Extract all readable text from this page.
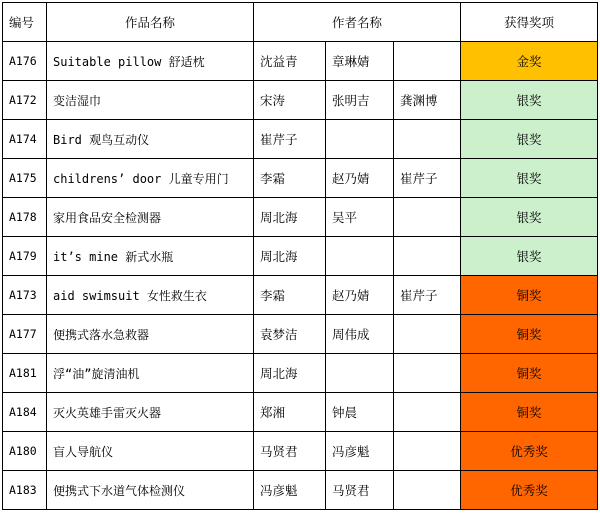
编号	作品名称	作者名称			获得奖项
A176	Suitable pillow 舒适枕	沈益青	章琳婧		金奖
A172	变洁湿巾	宋涛	张明吉	龚渊博	银奖
A174	Bird 观鸟互动仪	崔芹子			银奖
A175	childrens’ door 儿童专用门	李霜	赵乃婧	崔芹子	银奖
A178	家用食品安全检测器	周北海	吴平		银奖
A179	it’s mine 新式水瓶	周北海			银奖
A173	aid swimsuit 女性救生衣	李霜	赵乃婧	崔芹子	铜奖
A177	便携式落水急救器	袁梦洁	周伟成		铜奖
A181	浮“油”旋清油机	周北海			铜奖
A184	灭火英雄手雷灭火器	郑湘	钟晨		铜奖
A180	盲人导航仪	马贤君	冯彦魁		优秀奖
A183	便携式下水道气体检测仪	冯彦魁	马贤君		优秀奖
